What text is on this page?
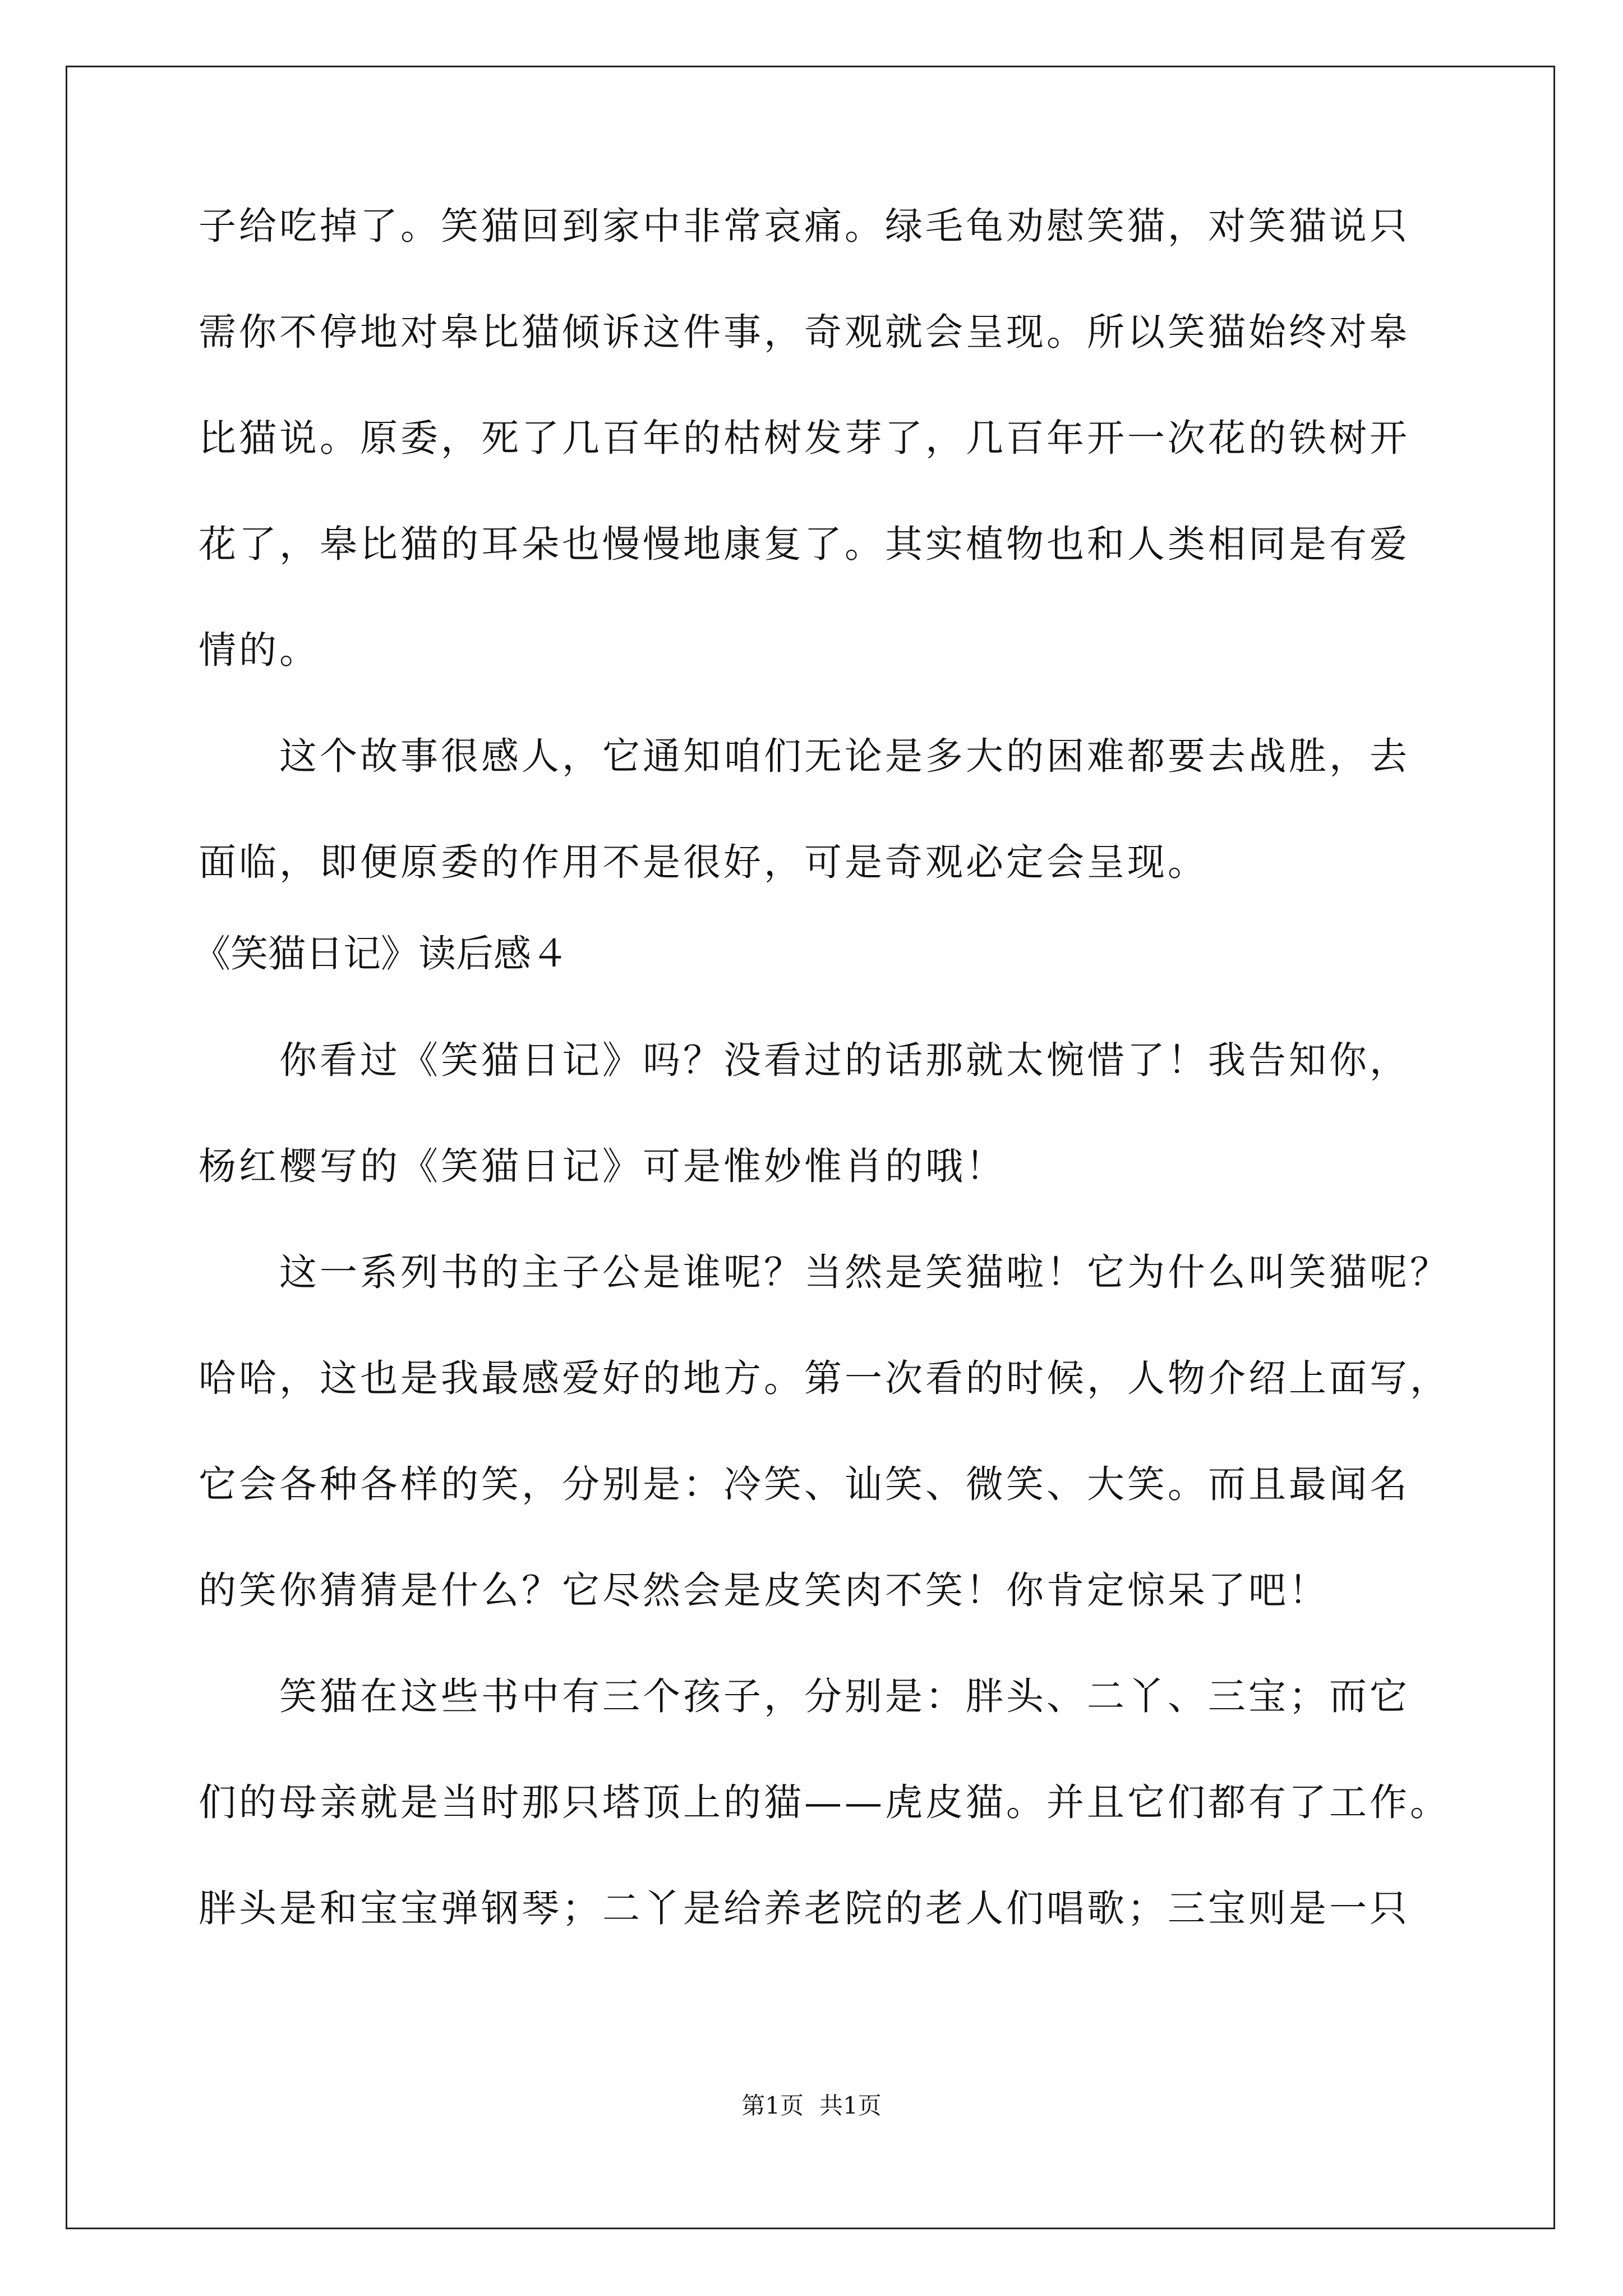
子给吃掉了。笑猫回到家中非常哀痛。绿毛龟劝慰笑猫，对笑猫说只
需你不停地对皋比猫倾诉这件事，奇观就会呈现。所以笑猫始终对皋
比猫说。原委，死了几百年的枯树发芽了，几百年开一次花的铁树开
花了，皋比猫的耳朵也慢慢地康复了。其实植物也和人类相同是有爱
情的。
　　这个故事很感人，它通知咱们无论是多大的困难都要去战胜，去
面临，即便原委的作用不是很好，可是奇观必定会呈现。
《笑猫日记》读后感４
　　你看过《笑猫日记》吗？没看过的话那就太惋惜了！我告知你，
杨红樱写的《笑猫日记》可是惟妙惟肖的哦！
　　这一系列书的主子公是谁呢？当然是笑猫啦！它为什么叫笑猫呢？
哈哈，这也是我最感爱好的地方。第一次看的时候，人物介绍上面写，
它会各种各样的笑，分别是：冷笑、讪笑、微笑、大笑。而且最闻名
的笑你猜猜是什么？它尽然会是皮笑肉不笑！你肯定惊呆了吧！
　　笑猫在这些书中有三个孩子，分别是：胖头、二丫、三宝；而它
们的母亲就是当时那只塔顶上的猫——虎皮猫。并且它们都有了工作。
胖头是和宝宝弹钢琴；二丫是给养老院的老人们唱歌；三宝则是一只
第1页 共1页
